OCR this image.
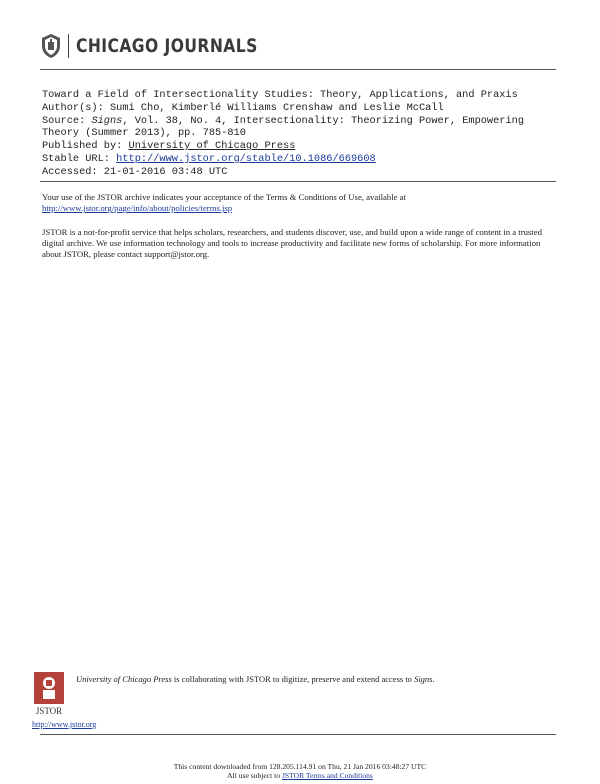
CHICAGO JOURNALS
Toward a Field of Intersectionality Studies: Theory, Applications, and Praxis
Author(s): Sumi Cho, Kimberlé Williams Crenshaw and Leslie McCall
Source: Signs, Vol. 38, No. 4, Intersectionality: Theorizing Power, Empowering Theory (Summer 2013), pp. 785-810
Published by: University of Chicago Press
Stable URL: http://www.jstor.org/stable/10.1086/669608
Accessed: 21-01-2016 03:48 UTC
Your use of the JSTOR archive indicates your acceptance of the Terms & Conditions of Use, available at http://www.jstor.org/page/info/about/policies/terms.jsp
JSTOR is a not-for-profit service that helps scholars, researchers, and students discover, use, and build upon a wide range of content in a trusted digital archive. We use information technology and tools to increase productivity and facilitate new forms of scholarship. For more information about JSTOR, please contact support@jstor.org.
JSTOR
University of Chicago Press is collaborating with JSTOR to digitize, preserve and extend access to Signs.
http://www.jstor.org
This content downloaded from 128.205.114.91 on Thu, 21 Jan 2016 03:48:27 UTC
All use subject to JSTOR Terms and Conditions
